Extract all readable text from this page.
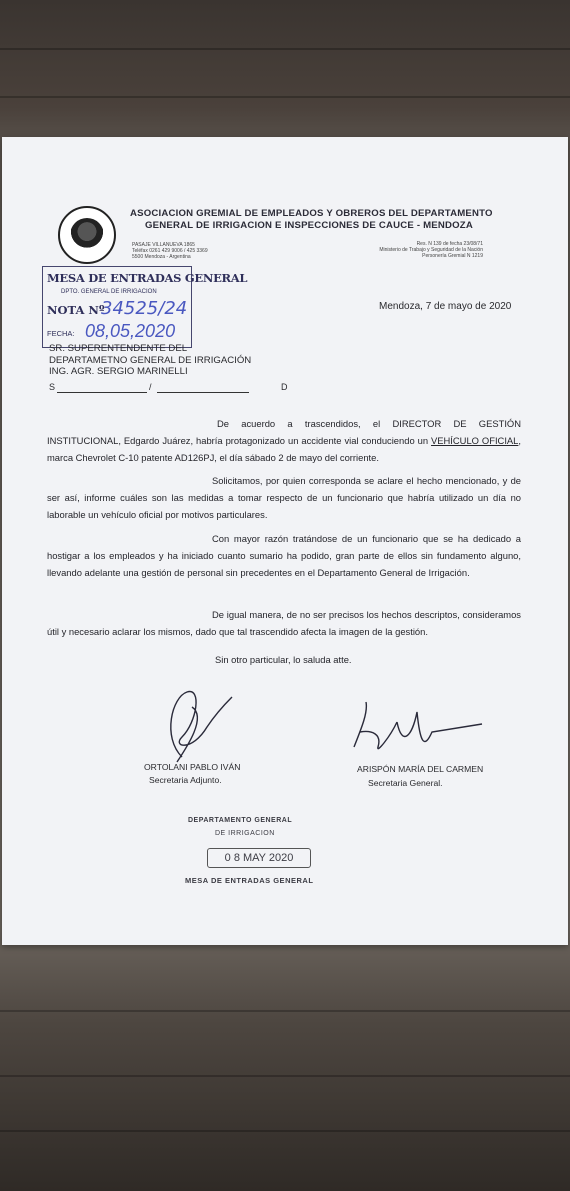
ASOCIACION GREMIAL DE EMPLEADOS Y OBREROS DEL DEPARTAMENTO
GENERAL DE IRRIGACION E INSPECCIONES DE CAUCE - MENDOZA
PASAJE VILLANUEVA 1865
Teléfax 0261 429 9006 / 425 3369
5500 Mendoza - Argentina
Res. N 139 de fecha 23/08/71
Ministerio de Trabajo y Seguridad de la Nación
Personería Gremial N 1219
MESA DE ENTRADAS GENERAL
DPTO. GENERAL DE IRRIGACION
NOTA Nº
34525/24
FECHA: 08,05,2020
Mendoza, 7 de mayo de 2020
SR. SUPERENTENDENTE DEL
DEPARTAMETNO GENERAL DE IRRIGACIÓN
ING. AGR. SERGIO MARINELLI
S	/	D
De acuerdo a trascendidos, el DIRECTOR DE GESTIÓN INSTITUCIONAL, Edgardo Juárez, habría protagonizado un accidente vial conduciendo un VEHÍCULO OFICIAL, marca Chevrolet C-10 patente AD126PJ, el día sábado 2 de mayo del corriente.
Solicitamos, por quien corresponda se aclare el hecho mencionado, y de ser así, informe cuáles son las medidas a tomar respecto de un funcionario que habría utilizado un día no laborable un vehículo oficial por motivos particulares.
Con mayor razón tratándose de un funcionario que se ha dedicado a hostigar a los empleados y ha iniciado cuanto sumario ha podido, gran parte de ellos sin fundamento alguno, llevando adelante una gestión de personal sin precedentes en el Departamento General de Irrigación.
De igual manera, de no ser precisos los hechos descriptos, consideramos útil y necesario aclarar los mismos, dado que tal trascendido afecta la imagen de la gestión.
Sin otro particular, lo saluda atte.
ORTOLANI PABLO IVÁN
Secretaria Adjunto.
ARISPÓN MARÍA DEL CARMEN
Secretaria General.
DEPARTAMENTO GENERAL
DE IRRIGACION
0 8 MAY 2020
MESA DE ENTRADAS GENERAL
